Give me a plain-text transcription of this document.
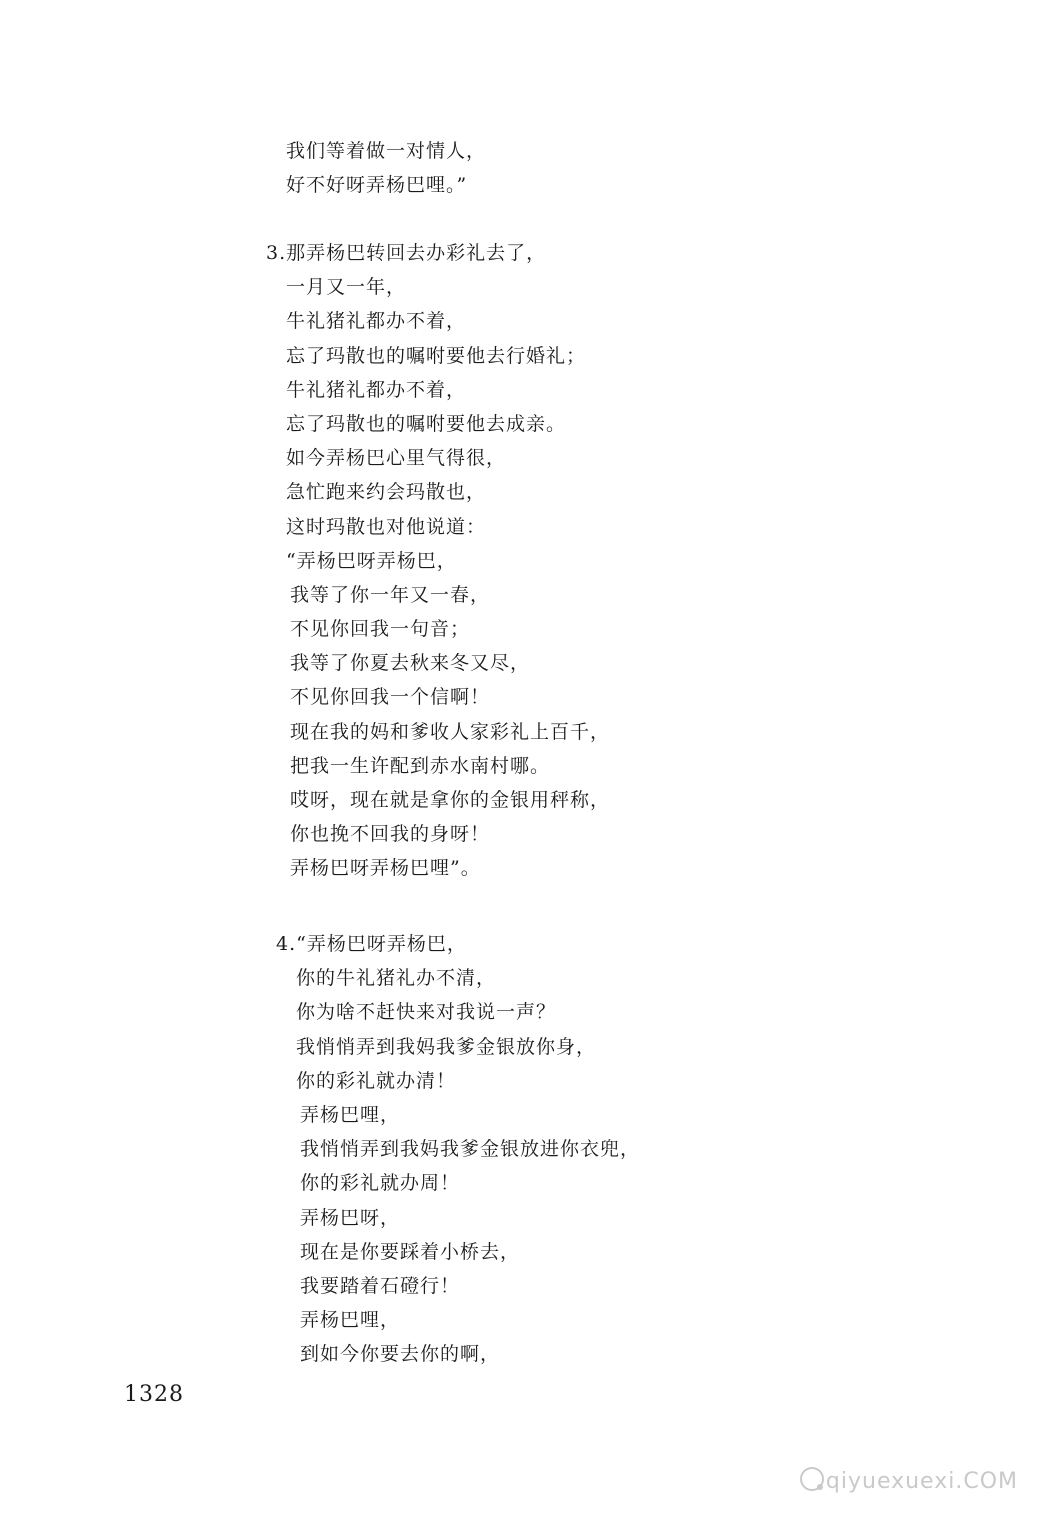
我们等着做一对情人，
好不好呀弄杨巴哩。”
3.那弄杨巴转回去办彩礼去了，
一月又一年，
牛礼猪礼都办不着，
忘了玛散也的嘱咐要他去行婚礼；
牛礼猪礼都办不着，
忘了玛散也的嘱咐要他去成亲。
如今弄杨巴心里气得很，
急忙跑来约会玛散也，
这时玛散也对他说道：
“弄杨巴呀弄杨巴，
我等了你一年又一春，
不见你回我一句音；
我等了你夏去秋来冬又尽，
不见你回我一个信啊！
现在我的妈和爹收人家彩礼上百千，
把我一生许配到赤水南村哪。
哎呀，现在就是拿你的金银用秤称，
你也挽不回我的身呀！
弄杨巴呀弄杨巴哩”。
4.“弄杨巴呀弄杨巴，
你的牛礼猪礼办不清，
你为啥不赶快来对我说一声？
我悄悄弄到我妈我爹金银放你身，
你的彩礼就办清！
弄杨巴哩，
我悄悄弄到我妈我爹金银放进你衣兜，
你的彩礼就办周！
弄杨巴呀，
现在是你要踩着小桥去，
我要踏着石磴行！
弄杨巴哩，
到如今你要去你的啊，
1328
qiyuexuexi.COM
